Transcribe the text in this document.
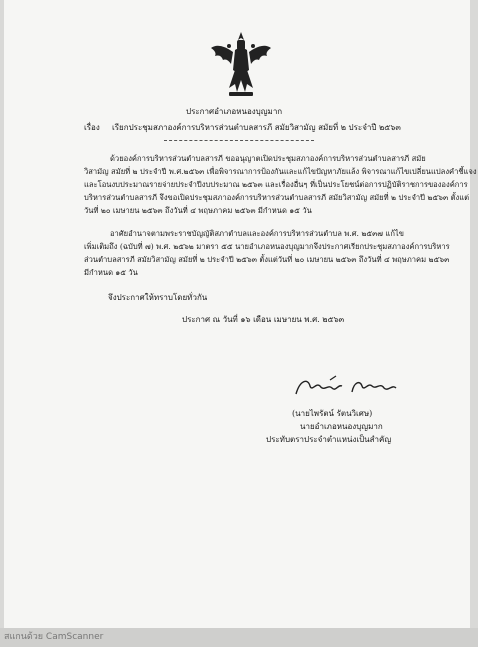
ประกาศอำเภอหนองบุญมาก
เรื่อง เรียกประชุมสภาองค์การบริหารส่วนตำบลสารภี สมัยวิสามัญ สมัยที่ ๒ ประจำปี ๒๕๖๓
ด้วยองค์การบริหารส่วนตำบลสารภี ขออนุญาตเปิดประชุมสภาองค์การบริหารส่วนตำบลสารภี สมัย
วิสามัญ สมัยที่ ๒ ประจำปี พ.ศ.๒๕๖๓ เพื่อพิจารณาการป้องกันและแก้ไขปัญหาภัยแล้ง พิจารณาแก้ไขเปลี่ยนแปลงคำชี้แจง
และโอนงบประมาณรายจ่ายประจำปีงบประมาณ ๒๕๖๓ และเรื่องอื่นๆ ที่เป็นประโยชน์ต่อการปฏิบัติราชการขององค์การ
บริหารส่วนตำบลสารภี จึงขอเปิดประชุมสภาองค์การบริหารส่วนตำบลสารภี สมัยวิสามัญ สมัยที่ ๒ ประจำปี ๒๕๖๓ ตั้งแต่
วันที่ ๒๐ เมษายน ๒๕๖๓ ถึงวันที่ ๔ พฤษภาคม ๒๕๖๓ มีกำหนด ๑๕ วัน
อาศัยอำนาจตามพระราชบัญญัติสภาตำบลและองค์การบริหารส่วนตำบล พ.ศ. ๒๕๓๗ แก้ไข
เพิ่มเติมถึง (ฉบับที่ ๗) พ.ศ. ๒๕๖๒ มาตรา ๕๕ นายอำเภอหนองบุญมากจึงประกาศเรียกประชุมสภาองค์การบริหาร
ส่วนตำบลสารภี สมัยวิสามัญ สมัยที่ ๒ ประจำปี ๒๕๖๓ ตั้งแต่วันที่ ๒๐ เมษายน ๒๕๖๓ ถึงวันที่ ๔ พฤษภาคม ๒๕๖๓
มีกำหนด ๑๕ วัน
จึงประกาศให้ทราบโดยทั่วกัน
ประกาศ ณ วันที่ ๑๖ เดือน เมษายน พ.ศ. ๒๕๖๓
(นายไพรัตน์ รัตนวิเศษ)
นายอำเภอหนองบุญมาก
ประทับตราประจำตำแหน่งเป็นสำคัญ
สแกนด้วย CamScanner
